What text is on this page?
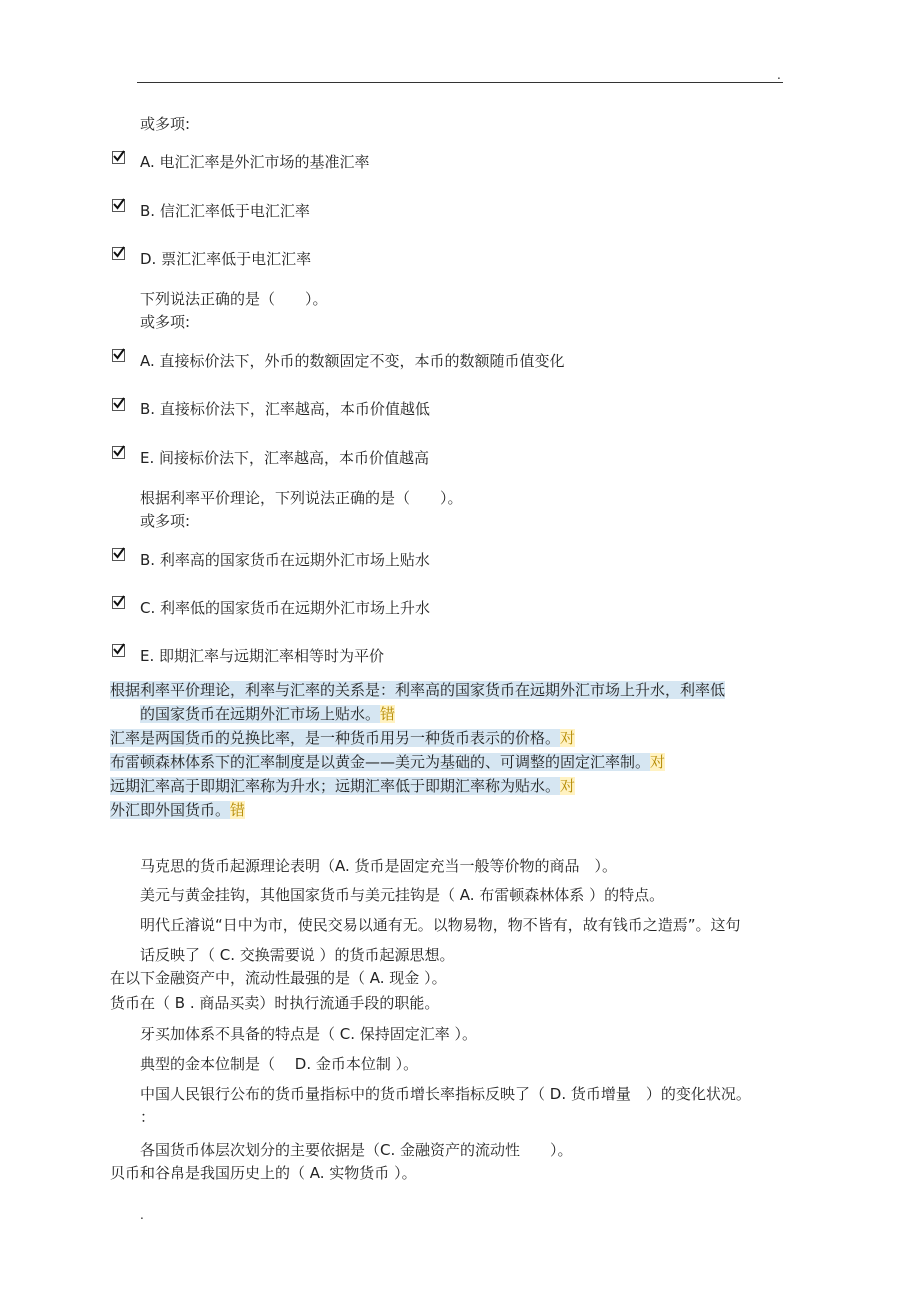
.
或多项:
A. 电汇汇率是外汇市场的基准汇率
B. 信汇汇率低于电汇汇率
D. 票汇汇率低于电汇汇率
下列说法正确的是（　　）。
或多项:
A. 直接标价法下，外币的数额固定不变，本币的数额随币值变化
B. 直接标价法下，汇率越高，本币价值越低
E. 间接标价法下，汇率越高，本币价值越高
根据利率平价理论，下列说法正确的是（　　）。
或多项:
B. 利率高的国家货币在远期外汇市场上贴水
C. 利率低的国家货币在远期外汇市场上升水
E. 即期汇率与远期汇率相等时为平价
根据利率平价理论，利率与汇率的关系是：利率高的国家货币在远期外汇市场上升水，利率低
的国家货币在远期外汇市场上贴水。错
汇率是两国货币的兑换比率，是一种货币用另一种货币表示的价格。对
布雷顿森林体系下的汇率制度是以黄金——美元为基础的、可调整的固定汇率制。对
远期汇率高于即期汇率称为升水；远期汇率低于即期汇率称为贴水。对
外汇即外国货币。错
马克思的货币起源理论表明（A. 货币是固定充当一般等价物的商品　）。
美元与黄金挂钩，其他国家货币与美元挂钩是（ A. 布雷顿森林体系 ）的特点。
明代丘濬说“日中为市，使民交易以通有无。以物易物，物不皆有，故有钱币之造焉”。这句
话反映了（ C. 交换需要说 ）的货币起源思想。
在以下金融资产中，流动性最强的是（ A. 现金 ）。
货币在（ B . 商品买卖）时执行流通手段的职能。
牙买加体系不具备的特点是（ C. 保持固定汇率 ）。
典型的金本位制是（　 D. 金币本位制 ）。
中国人民银行公布的货币量指标中的货币增长率指标反映了（ D. 货币增量　）的变化状况。
：
各国货币体层次划分的主要依据是（C. 金融资产的流动性　　）。
贝币和谷帛是我国历史上的（ A. 实物货币 ）。
.
